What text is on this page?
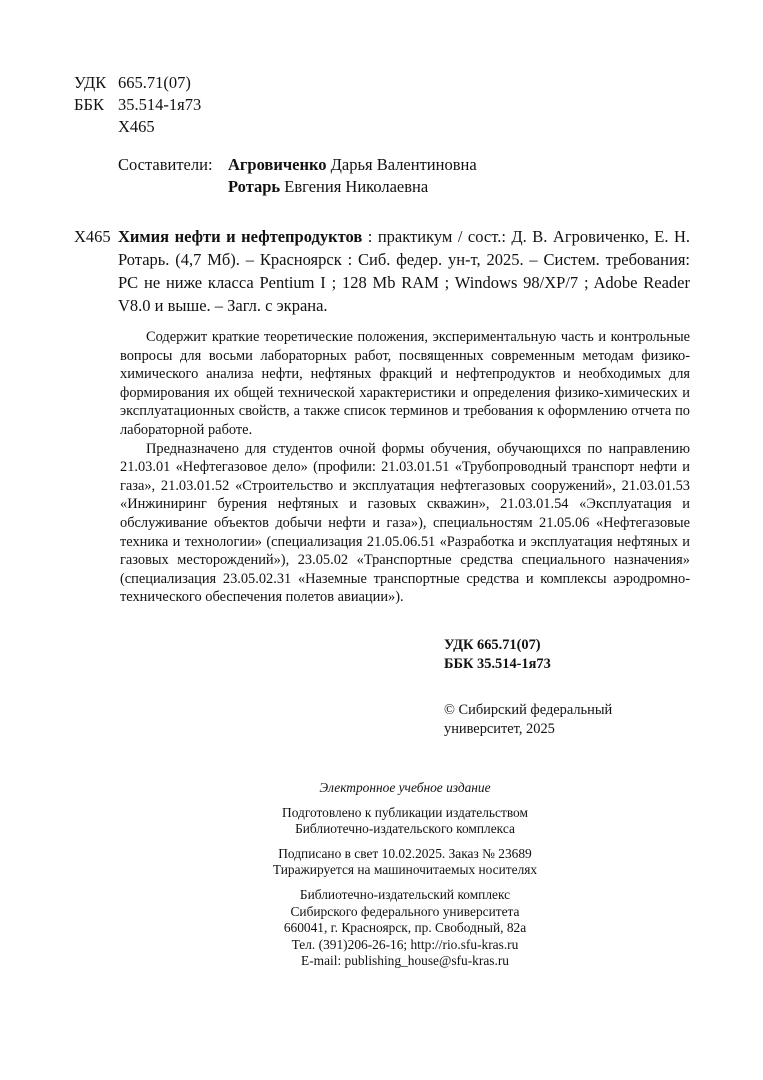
УДК 665.71(07)
ББК 35.514-1я73
Х465
Составители: Агровиченко Дарья Валентиновна
Ротарь Евгения Николаевна
Х465 Химия нефти и нефтепродуктов : практикум / сост.: Д. В. Агровиченко, Е. Н. Ротарь. (4,7 Мб). – Красноярск : Сиб. федер. ун-т, 2025. – Систем. требования: PC не ниже класса Pentium I ; 128 Mb RAM ; Windows 98/XP/7 ; Adobe Reader V8.0 и выше. – Загл. с экрана.

Содержит краткие теоретические положения, экспериментальную часть и контрольные вопросы для восьми лабораторных работ, посвященных современным методам физико-химического анализа нефти, нефтяных фракций и нефтепродуктов и необходимых для формирования их общей технической характеристики и определения физико-химических и эксплуатационных свойств, а также список терминов и требования к оформлению отчета по лабораторной работе.

Предназначено для студентов очной формы обучения, обучающихся по направлению 21.03.01 «Нефтегазовое дело» (профили: 21.03.01.51 «Трубопроводный транспорт нефти и газа», 21.03.01.52 «Строительство и эксплуатация нефтегазовых сооружений», 21.03.01.53 «Инжиниринг бурения нефтяных и газовых скважин», 21.03.01.54 «Эксплуатация и обслуживание объектов добычи нефти и газа»), специальностям 21.05.06 «Нефтегазовые техника и технологии» (специализация 21.05.06.51 «Разработка и эксплуатация нефтяных и газовых месторождений»), 23.05.02 «Транспортные средства специального назначения» (специализация 23.05.02.31 «Наземные транспортные средства и комплексы аэродромно-технического обеспечения полетов авиации»).

УДК 665.71(07)
ББК 35.514-1я73
© Сибирский федеральный
университет, 2025
Электронное учебное издание
Подготовлено к публикации издательством
Библиотечно-издательского комплекса
Подписано в свет 10.02.2025. Заказ № 23689
Тиражируется на машиночитаемых носителях
Библиотечно-издательский комплекс
Сибирского федерального университета
660041, г. Красноярск, пр. Свободный, 82а
Тел. (391)206-26-16; http://rio.sfu-kras.ru
E-mail: publishing_house@sfu-kras.ru
